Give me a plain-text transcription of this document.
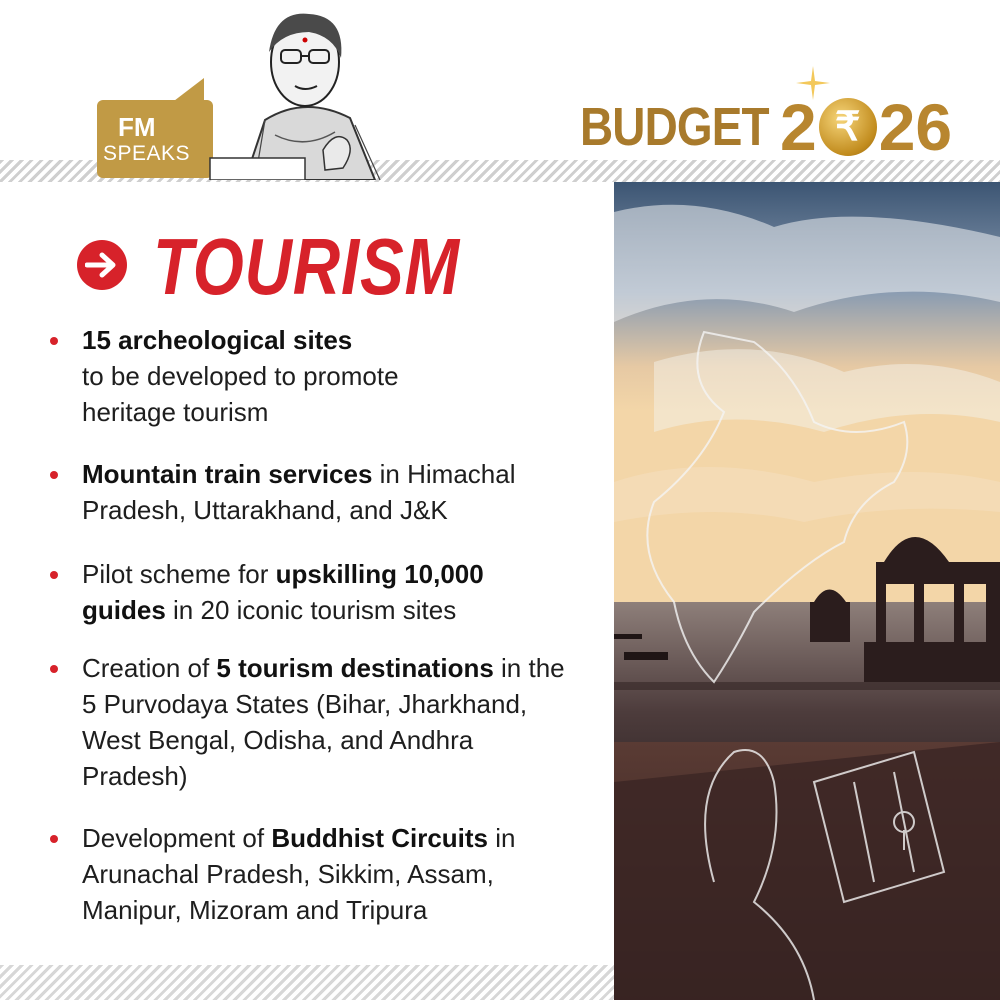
FM
SPEAKS	BUDGET 2 ₹ 26
TOURISM
15 archeological sites
to be developed to promote heritage tourism
Mountain train services in Himachal Pradesh, Uttarakhand, and J&K
Pilot scheme for upskilling 10,000 guides in 20 iconic tourism sites
Creation of 5 tourism destinations in the 5 Purvodaya States (Bihar, Jharkhand, West Bengal, Odisha, and Andhra Pradesh)
Development of Buddhist Circuits in Arunachal Pradesh, Sikkim, Assam, Manipur, Mizoram and Tripura
